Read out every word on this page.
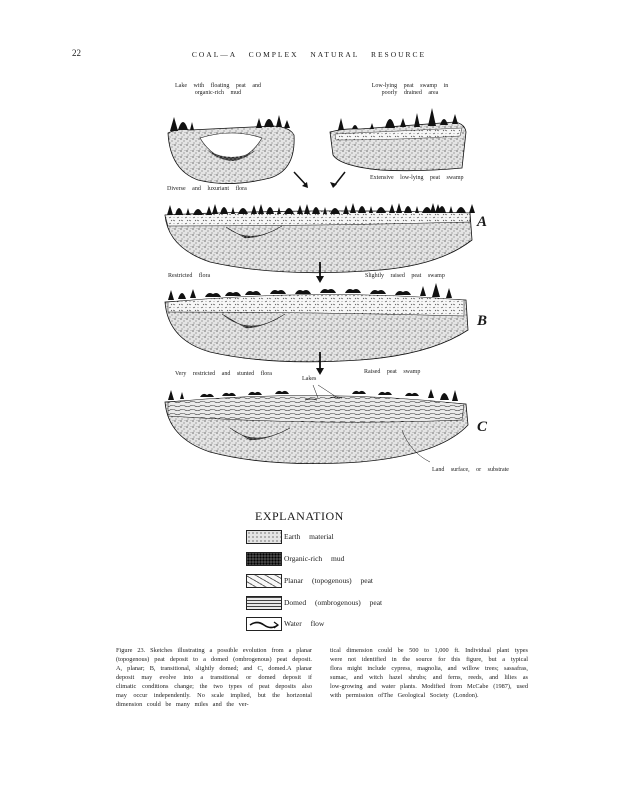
22	COAL—A COMPLEX NATURAL RESOURCE
Lake with floating peat and organic-rich mud
Low-lying peat swamp in poorly drained area
Diverse and luxuriant flora
Extensive low-lying peat swamp
Restricted flora	Slightly raised peat swamp
Very restricted and stunted flora	Raised peat swamp
Lakes
Land surface, or substrate
A
B
C
EXPLANATION
Earth material
Organic-rich mud
Planar (topogenous) peat
Domed (ombrogenous) peat
Water flow
Figure 23. Sketches illustrating a possible evolution from a planar (topogenous) peat deposit to a domed (ombrogenous) peat deposit. A, planar; B, transitional, slightly domed; and C, domed.A planar deposit may evolve into a transitional or domed deposit if climatic conditions change; the two types of peat deposits also may occur independently. No scale implied, but the horizontal dimension could be many miles and the ver-
tical dimension could be 500 to 1,000 ft. Individual plant types were not identified in the source for this figure, but a typical flora might include cypress, magnolia, and willow trees; sassafras, sumac, and witch hazel shrubs; and ferns, reeds, and lilies as low-growing and water plants. Modified from McCabe (1987), used with permission ofThe Geological Society (London).
